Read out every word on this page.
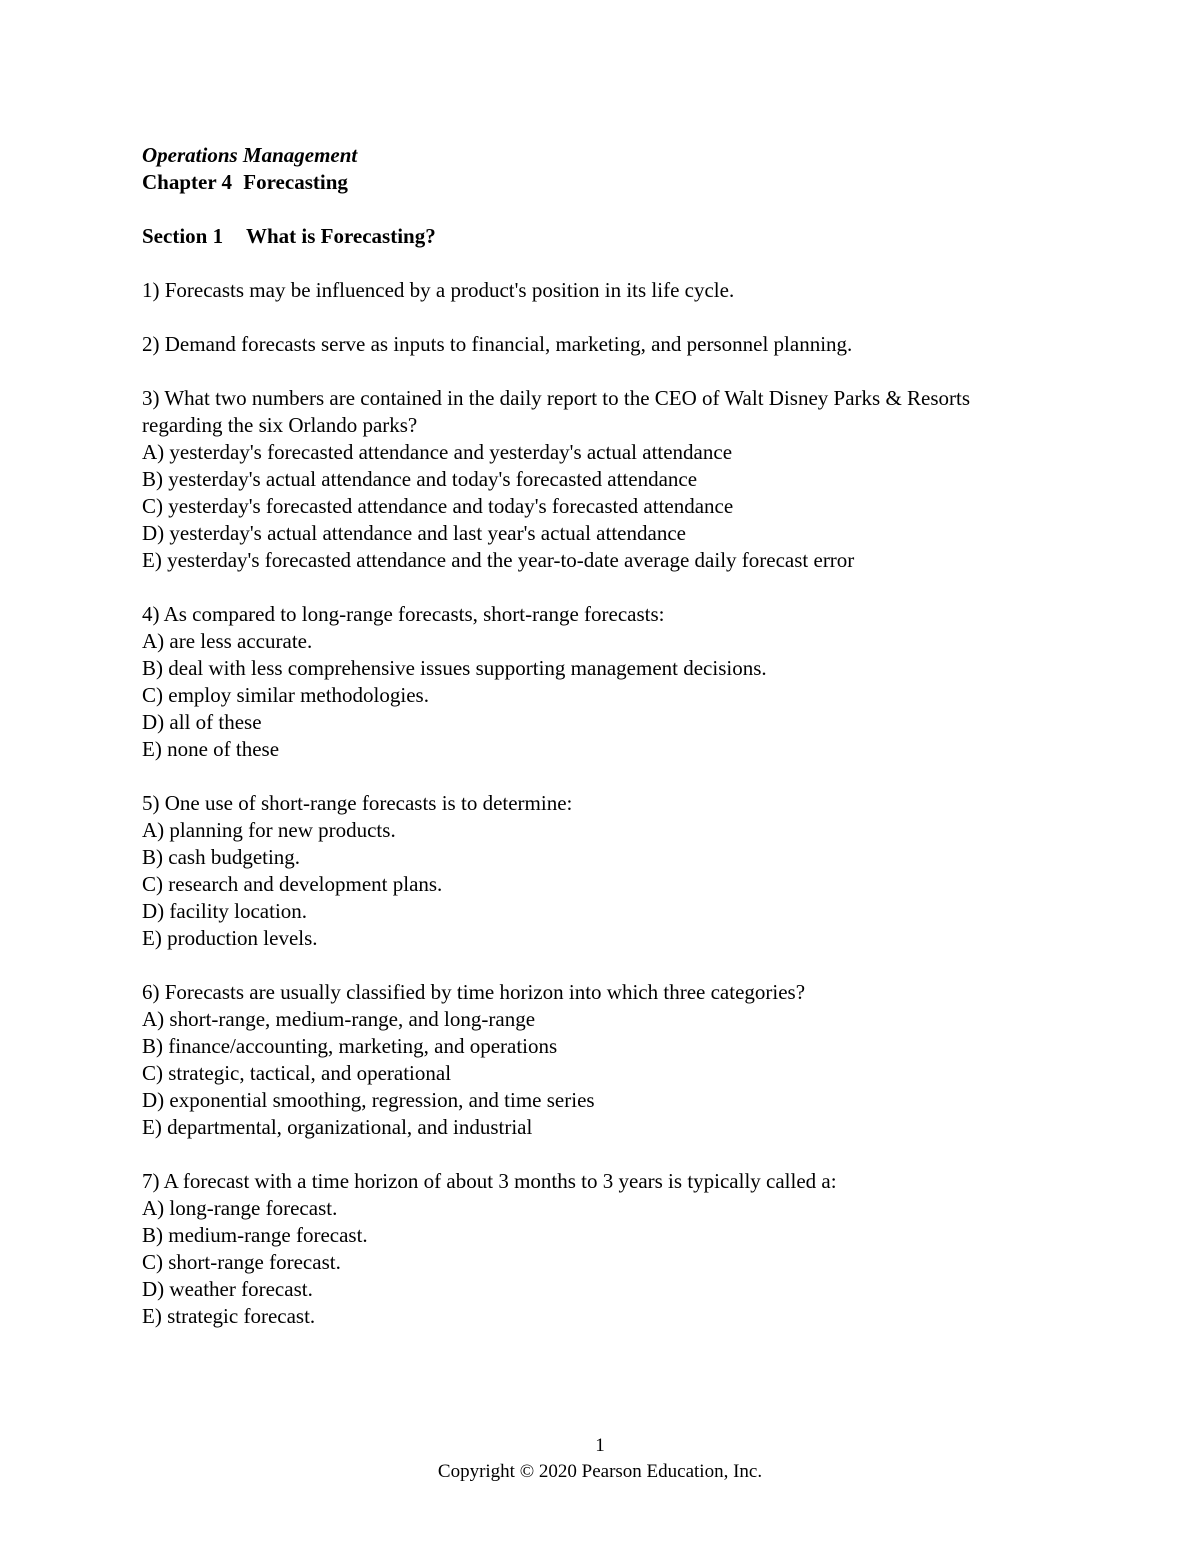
Operations Management

Chapter 4 Forecasting

Section 1 What is Forecasting?

1) Forecasts may be influenced by a product's position in its life cycle.

2) Demand forecasts serve as inputs to financial, marketing, and personnel planning.

3) What two numbers are contained in the daily report to the CEO of Walt Disney Parks & Resorts regarding the six Orlando parks?

A) yesterday's forecasted attendance and yesterday's actual attendance

B) yesterday's actual attendance and today's forecasted attendance

C) yesterday's forecasted attendance and today's forecasted attendance

D) yesterday's actual attendance and last year's actual attendance

E) yesterday's forecasted attendance and the year-to-date average daily forecast error

4) As compared to long-range forecasts, short-range forecasts:

A) are less accurate.

B) deal with less comprehensive issues supporting management decisions.

C) employ similar methodologies.

D) all of these

E) none of these

5) One use of short-range forecasts is to determine:

A) planning for new products.

B) cash budgeting.

C) research and development plans.

D) facility location.

E) production levels.

6) Forecasts are usually classified by time horizon into which three categories?

A) short-range, medium-range, and long-range

B) finance/accounting, marketing, and operations

C) strategic, tactical, and operational

D) exponential smoothing, regression, and time series

E) departmental, organizational, and industrial

7) A forecast with a time horizon of about 3 months to 3 years is typically called a:

A) long-range forecast.

B) medium-range forecast.

C) short-range forecast.

D) weather forecast.

E) strategic forecast.

1
Copyright © 2020 Pearson Education, Inc.
